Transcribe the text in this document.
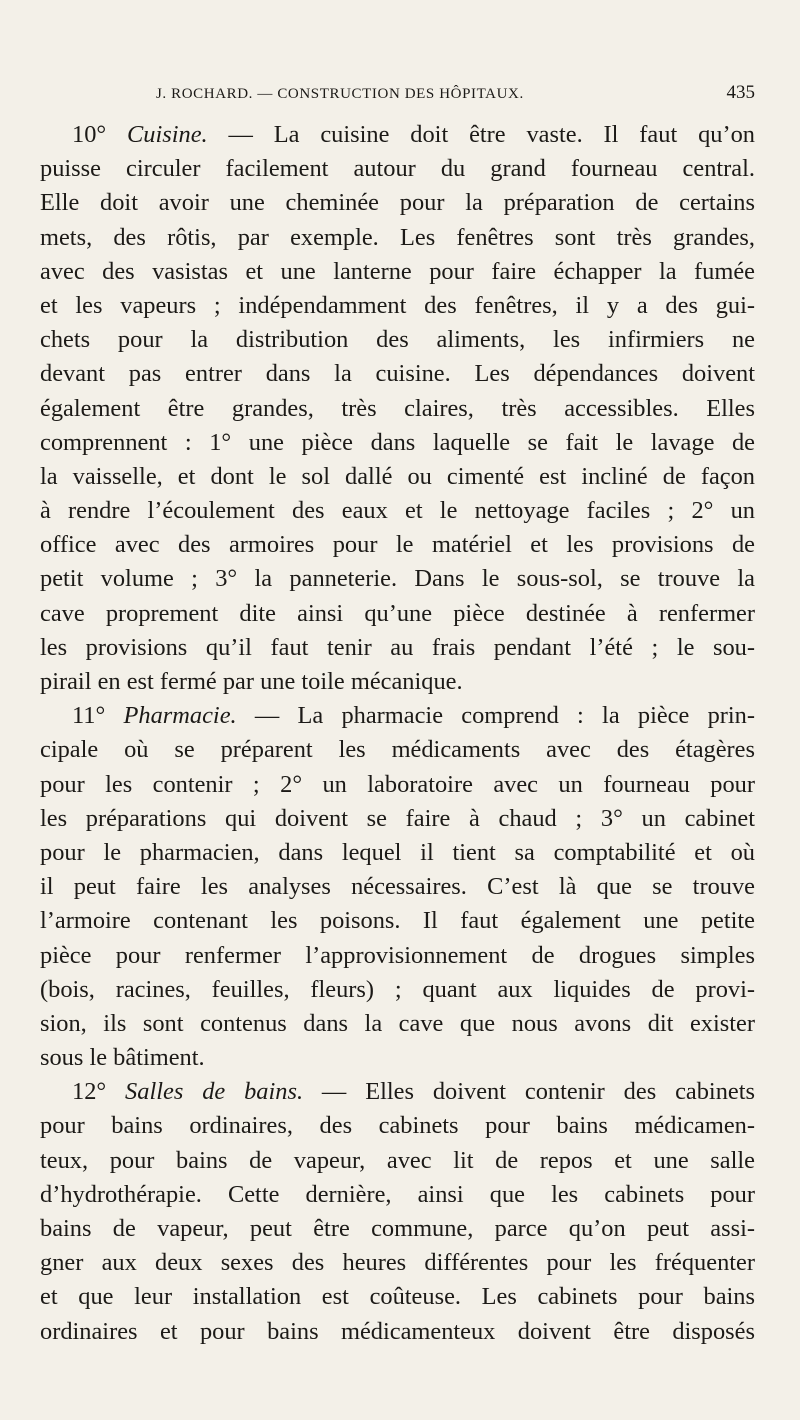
J. ROCHARD. — CONSTRUCTION DES HÔPITAUX.	435
10° Cuisine. — La cuisine doit être vaste. Il faut qu’on
puisse circuler facilement autour du grand fourneau central.
Elle doit avoir une cheminée pour la préparation de certains
mets, des rôtis, par exemple. Les fenêtres sont très grandes,
avec des vasistas et une lanterne pour faire échapper la fumée
et les vapeurs ; indépendamment des fenêtres, il y a des gui-
chets pour la distribution des aliments, les infirmiers ne
devant pas entrer dans la cuisine. Les dépendances doivent
également être grandes, très claires, très accessibles. Elles
comprennent : 1° une pièce dans laquelle se fait le lavage de
la vaisselle, et dont le sol dallé ou cimenté est incliné de façon
à rendre l’écoulement des eaux et le nettoyage faciles ; 2° un
office avec des armoires pour le matériel et les provisions de
petit volume ; 3° la panneterie. Dans le sous-sol, se trouve la
cave proprement dite ainsi qu’une pièce destinée à renfermer
les provisions qu’il faut tenir au frais pendant l’été ; le sou-
pirail en est fermé par une toile mécanique.
11° Pharmacie. — La pharmacie comprend : la pièce prin-
cipale où se préparent les médicaments avec des étagères
pour les contenir ; 2° un laboratoire avec un fourneau pour
les préparations qui doivent se faire à chaud ; 3° un cabinet
pour le pharmacien, dans lequel il tient sa comptabilité et où
il peut faire les analyses nécessaires. C’est là que se trouve
l’armoire contenant les poisons. Il faut également une petite
pièce pour renfermer l’approvisionnement de drogues simples
(bois, racines, feuilles, fleurs) ; quant aux liquides de provi-
sion, ils sont contenus dans la cave que nous avons dit exister
sous le bâtiment.
12° Salles de bains. — Elles doivent contenir des cabinets
pour bains ordinaires, des cabinets pour bains médicamen-
teux, pour bains de vapeur, avec lit de repos et une salle
d’hydrothérapie. Cette dernière, ainsi que les cabinets pour
bains de vapeur, peut être commune, parce qu’on peut assi-
gner aux deux sexes des heures différentes pour les fréquenter
et que leur installation est coûteuse. Les cabinets pour bains
ordinaires et pour bains médicamenteux doivent être disposés
